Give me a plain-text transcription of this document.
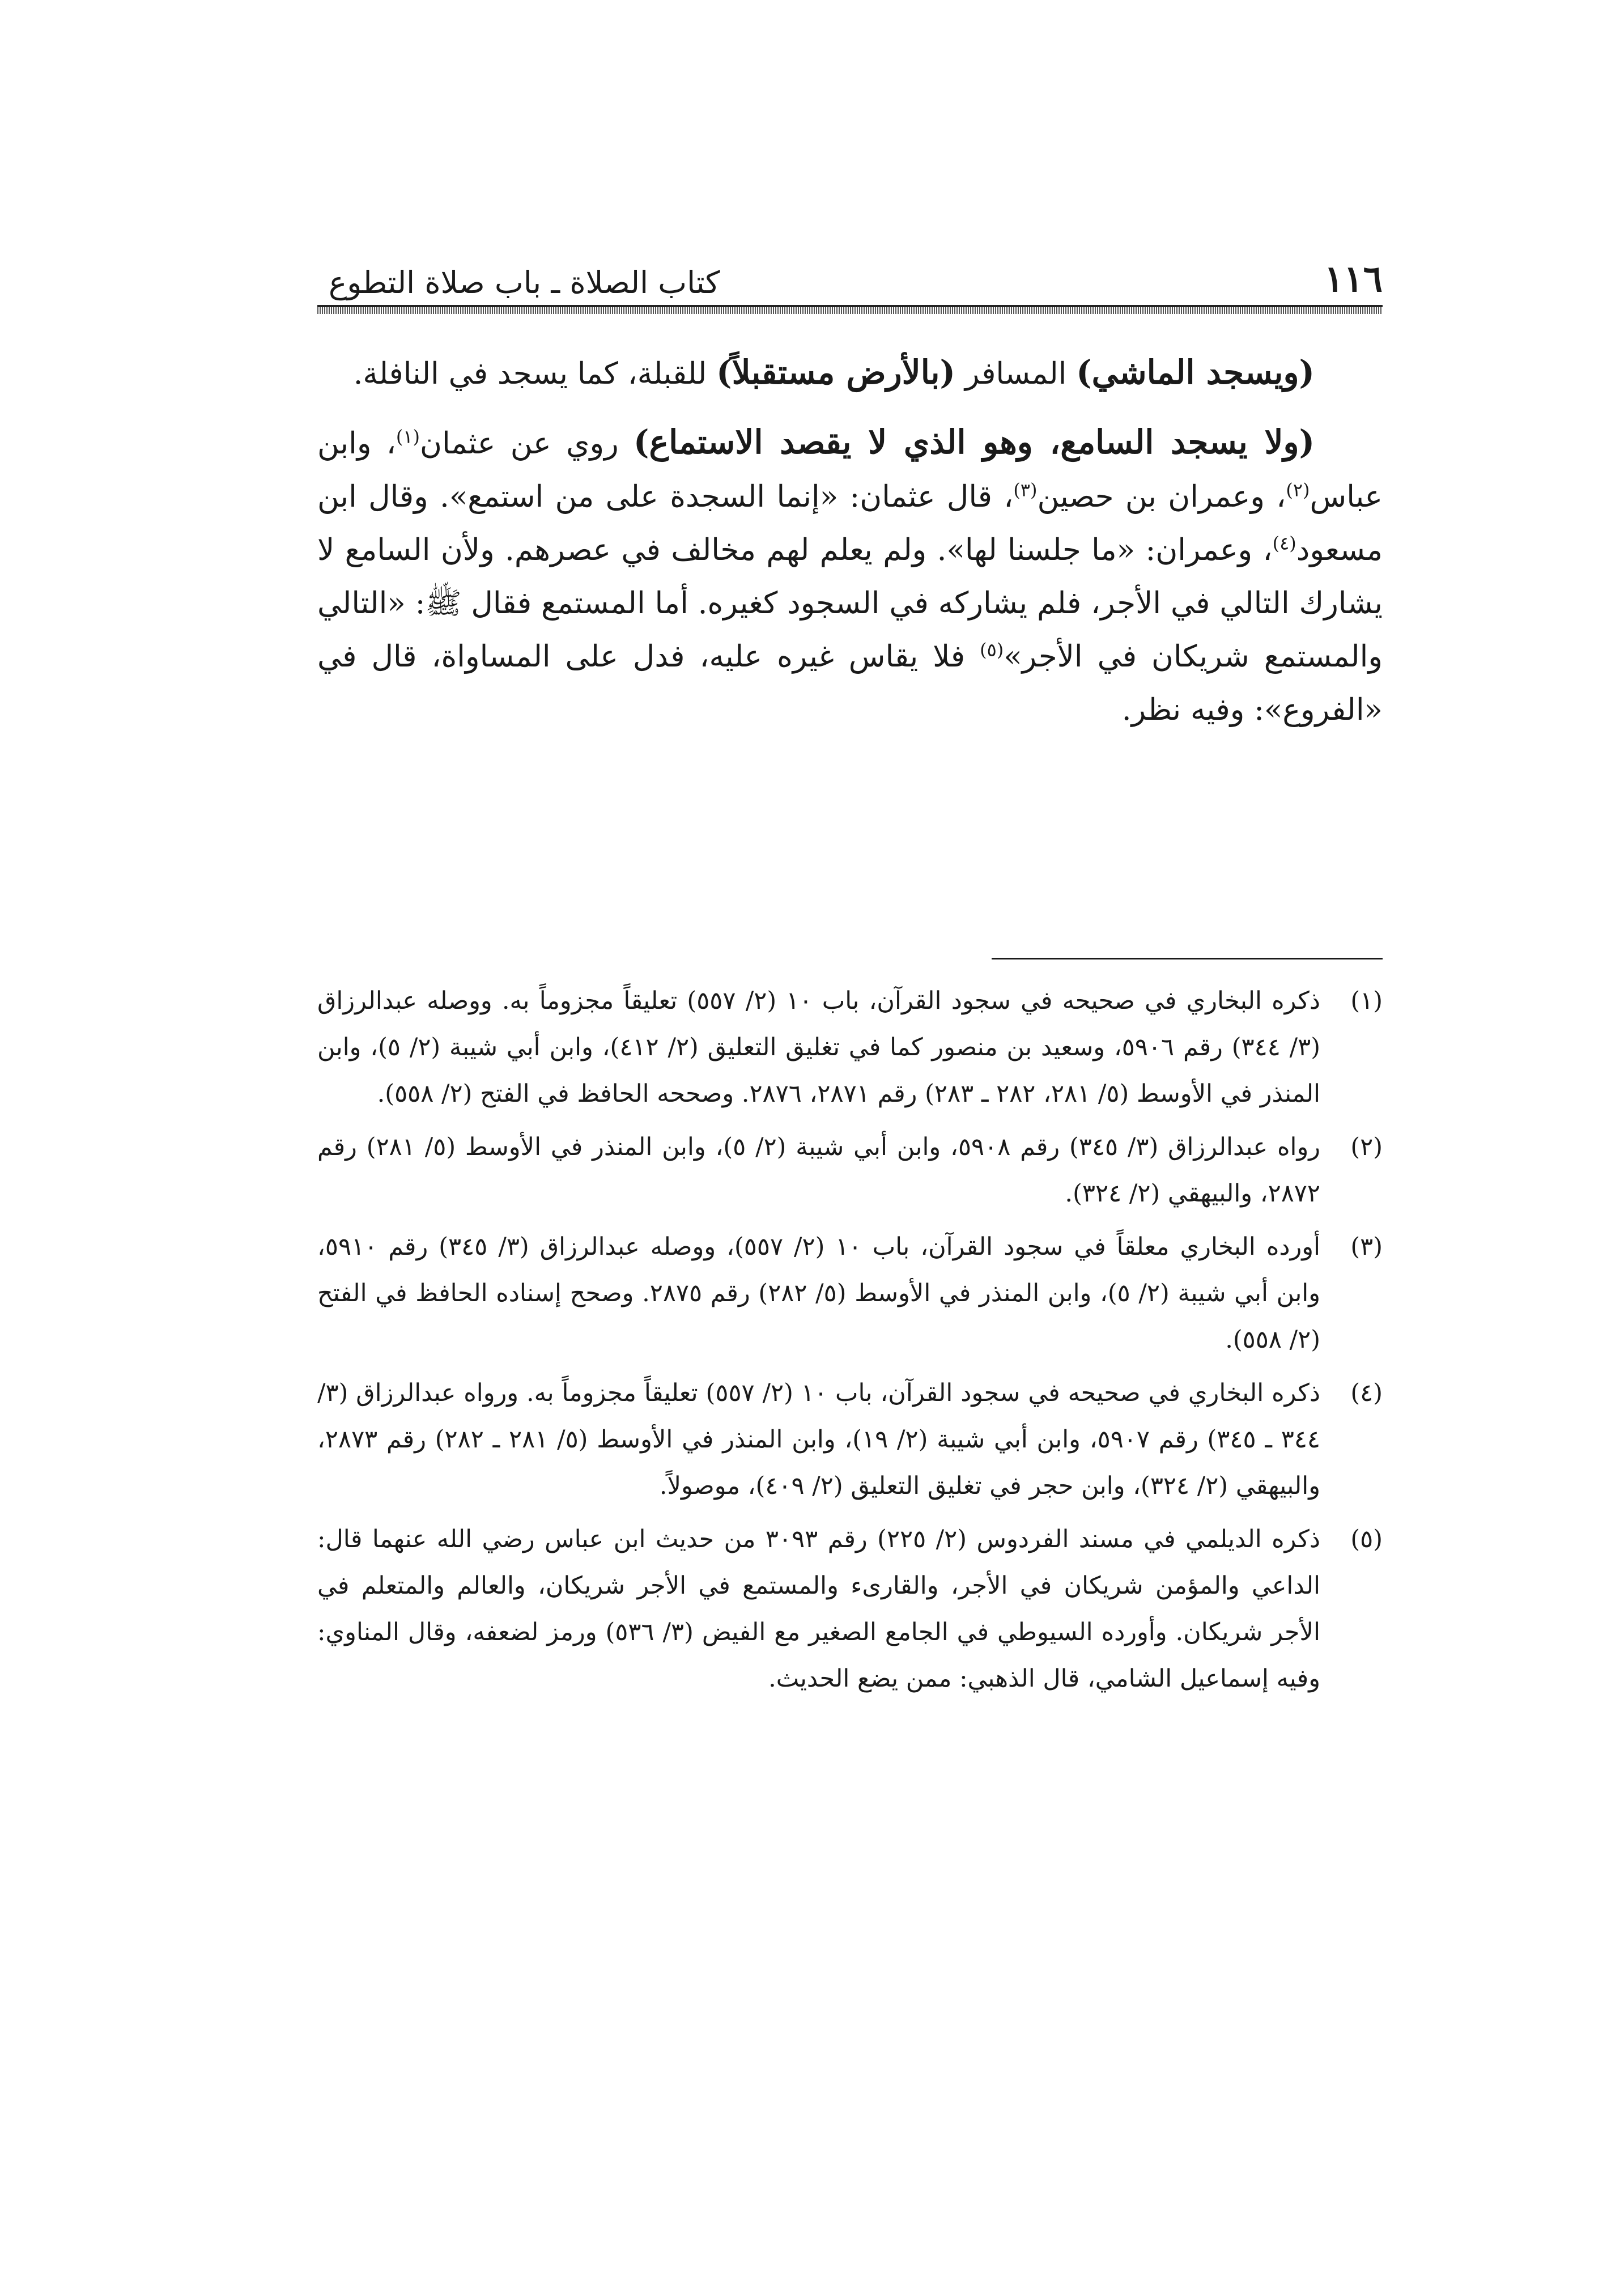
١١٦
كتاب الصلاة ـ باب صلاة التطوع

(ويسجد الماشي) المسافر (بالأرض مستقبلاً) للقبلة، كما يسجد في النافلة.

(ولا يسجد السامع، وهو الذي لا يقصد الاستماع) روي عن عثمان$^{(١)}$، وابن عباس$^{(٢)}$، وعمران بن حصين$^{(٣)}$، قال عثمان: «إنما السجدة على من استمع». وقال ابن مسعود$^{(٤)}$، وعمران: «ما جلسنا لها». ولم يعلم لهم مخالف في عصرهم. ولأن السامع لا يشارك التالي في الأجر، فلم يشاركه في السجود كغيره. أما المستمع فقال ﷺ: «التالي والمستمع شريكان في الأجر»$^{(٥)}$ فلا يقاس غيره عليه، فدل على المساواة، قال في «الفروع»: وفيه نظر.

(١)
ذكره البخاري في صحيحه في سجود القرآن، باب ١٠ (٢/ ٥٥٧) تعليقاً مجزوماً به. ووصله عبدالرزاق (٣/ ٣٤٤) رقم ٥٩٠٦، وسعيد بن منصور كما في تغليق التعليق (٢/ ٤١٢)، وابن أبي شيبة (٢/ ٥)، وابن المنذر في الأوسط (٥/ ٢٨١، ٢٨٢ ـ ٢٨٣) رقم ٢٨٧١، ٢٨٧٦. وصححه الحافظ في الفتح (٢/ ٥٥٨).
(٢)
رواه عبدالرزاق (٣/ ٣٤٥) رقم ٥٩٠٨، وابن أبي شيبة (٢/ ٥)، وابن المنذر في الأوسط (٥/ ٢٨١) رقم ٢٨٧٢، والبيهقي (٢/ ٣٢٤).
(٣)
أورده البخاري معلقاً في سجود القرآن، باب ١٠ (٢/ ٥٥٧)، ووصله عبدالرزاق (٣/ ٣٤٥) رقم ٥٩١٠، وابن أبي شيبة (٢/ ٥)، وابن المنذر في الأوسط (٥/ ٢٨٢) رقم ٢٨٧٥. وصحح إسناده الحافظ في الفتح (٢/ ٥٥٨).
(٤)
ذكره البخاري في صحيحه في سجود القرآن، باب ١٠ (٢/ ٥٥٧) تعليقاً مجزوماً به. ورواه عبدالرزاق (٣/ ٣٤٤ ـ ٣٤٥) رقم ٥٩٠٧، وابن أبي شيبة (٢/ ١٩)، وابن المنذر في الأوسط (٥/ ٢٨١ ـ ٢٨٢) رقم ٢٨٧٣، والبيهقي (٢/ ٣٢٤)، وابن حجر في تغليق التعليق (٢/ ٤٠٩)، موصولاً.
(٥)
ذكره الديلمي في مسند الفردوس (٢/ ٢٢٥) رقم ٣٠٩٣ من حديث ابن عباس رضي الله عنهما قال: الداعي والمؤمن شريكان في الأجر، والقارىء والمستمع في الأجر شريكان، والعالم والمتعلم في الأجر شريكان. وأورده السيوطي في الجامع الصغير مع الفيض (٣/ ٥٣٦) ورمز لضعفه، وقال المناوي: وفيه إسماعيل الشامي، قال الذهبي: ممن يضع الحديث.
